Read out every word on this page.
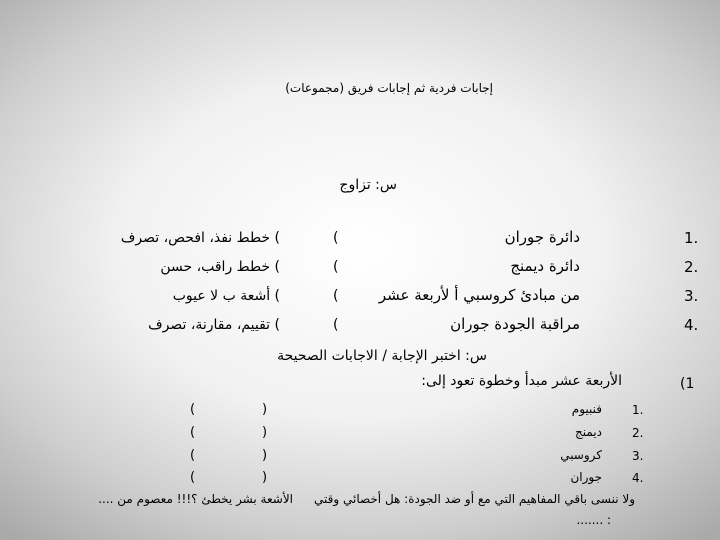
إجابات فردية ثم إجابات فريق (مجموعات)
س: تزاوج
1.
دائرة جوران
(
) خطط نفذ، افحص، تصرف
2.
دائرة ديمنج
(
) خطط راقب، حسن
3.
من مبادئ كروسبي أ لأربعة عشر
(
) أشعة ب لا عيوب
4.
مراقبة الجودة جوران
(
) تقييم، مقارنة، تصرف
س: اختبر الإجابة / الاجابات الصحيحة
(1
الأربعة عشر مبدأ وخطوة تعود إلى:
1.
فنبيوم
)
(
2.
ديمنج
)
(
3.
كروسبي
)
(
4.
جوران
)
(
ولا ننسى باقي المفاهيم التي مع أو ضد الجودة: هل أخصائي وقتي
الأشعة بشر يخطئ ؟!!! معصوم من ....
: .......
